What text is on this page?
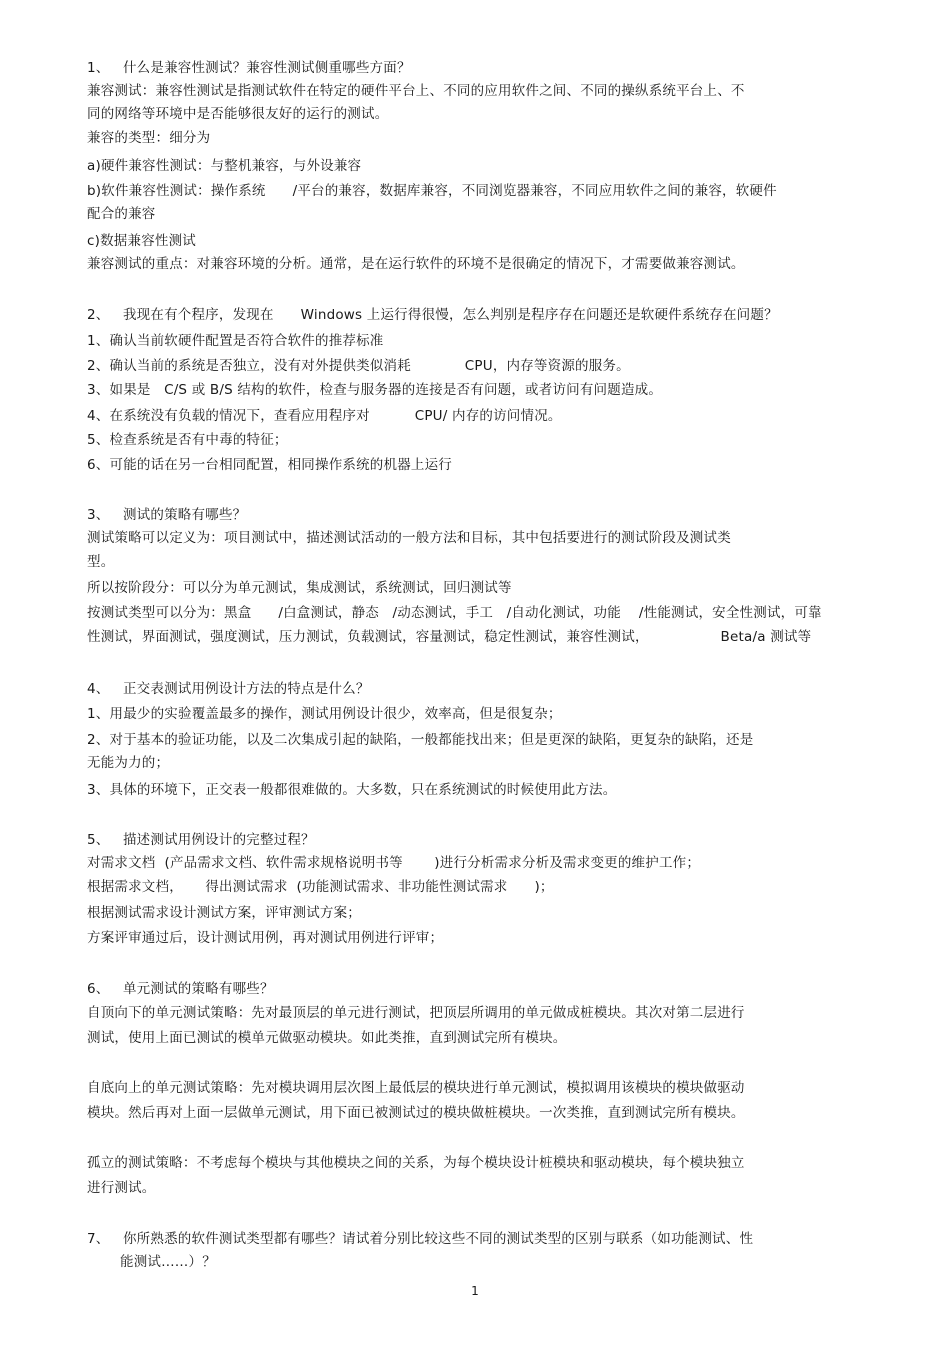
1、   什么是兼容性测试？兼容性测试侧重哪些方面？
兼容测试：兼容性测试是指测试软件在特定的硬件平台上、不同的应用软件之间、不同的操纵系统平台上、不
同的网络等环境中是否能够很友好的运行的测试。
兼容的类型：细分为
a)硬件兼容性测试：与整机兼容，与外设兼容
b)软件兼容性测试：操作系统      /平台的兼容，数据库兼容，不同浏览器兼容，不同应用软件之间的兼容，软硬件
配合的兼容
c)数据兼容性测试
兼容测试的重点：对兼容环境的分析。通常，是在运行软件的环境不是很确定的情况下，才需要做兼容测试。
2、   我现在有个程序，发现在      Windows 上运行得很慢，怎么判别是程序存在问题还是软硬件系统存在问题？
1、确认当前软硬件配置是否符合软件的推荐标准
2、确认当前的系统是否独立，没有对外提供类似消耗            CPU，内存等资源的服务。
3、如果是   C/S 或 B/S 结构的软件，检查与服务器的连接是否有问题，或者访问有问题造成。
4、在系统没有负载的情况下，查看应用程序对          CPU/ 内存的访问情况。
5、检查系统是否有中毒的特征；
6、可能的话在另一台相同配置，相同操作系统的机器上运行
3、   测试的策略有哪些？
测试策略可以定义为：项目测试中，描述测试活动的一般方法和目标，其中包括要进行的测试阶段及测试类
型。
所以按阶段分：可以分为单元测试，集成测试，系统测试，回归测试等
按测试类型可以分为：黑盒      /白盒测试，静态   /动态测试，手工   /自动化测试，功能    /性能测试，安全性测试，可靠
性测试，界面测试，强度测试，压力测试，负载测试，容量测试，稳定性测试，兼容性测试，                Beta/a 测试等
4、   正交表测试用例设计方法的特点是什么？
1、用最少的实验覆盖最多的操作，测试用例设计很少，效率高，但是很复杂；
2、对于基本的验证功能，以及二次集成引起的缺陷，一般都能找出来；但是更深的缺陷，更复杂的缺陷，还是
无能为力的；
3、具体的环境下，正交表一般都很难做的。大多数，只在系统测试的时候使用此方法。
5、   描述测试用例设计的完整过程？
对需求文档  (产品需求文档、软件需求规格说明书等       )进行分析需求分析及需求变更的维护工作；
根据需求文档，     得出测试需求  (功能测试需求、非功能性测试需求      )；
根据测试需求设计测试方案，评审测试方案；
方案评审通过后，设计测试用例，再对测试用例进行评审；
6、   单元测试的策略有哪些？
自顶向下的单元测试策略：先对最顶层的单元进行测试，把顶层所调用的单元做成桩模块。其次对第二层进行
测试，使用上面已测试的模单元做驱动模块。如此类推，直到测试完所有模块。
自底向上的单元测试策略：先对模块调用层次图上最低层的模块进行单元测试，模拟调用该模块的模块做驱动
模块。然后再对上面一层做单元测试，用下面已被测试过的模块做桩模块。一次类推，直到测试完所有模块。
孤立的测试策略：不考虑每个模块与其他模块之间的关系，为每个模块设计桩模块和驱动模块，每个模块独立
进行测试。
7、   你所熟悉的软件测试类型都有哪些？请试着分别比较这些不同的测试类型的区别与联系（如功能测试、性
能测试……）？
1
